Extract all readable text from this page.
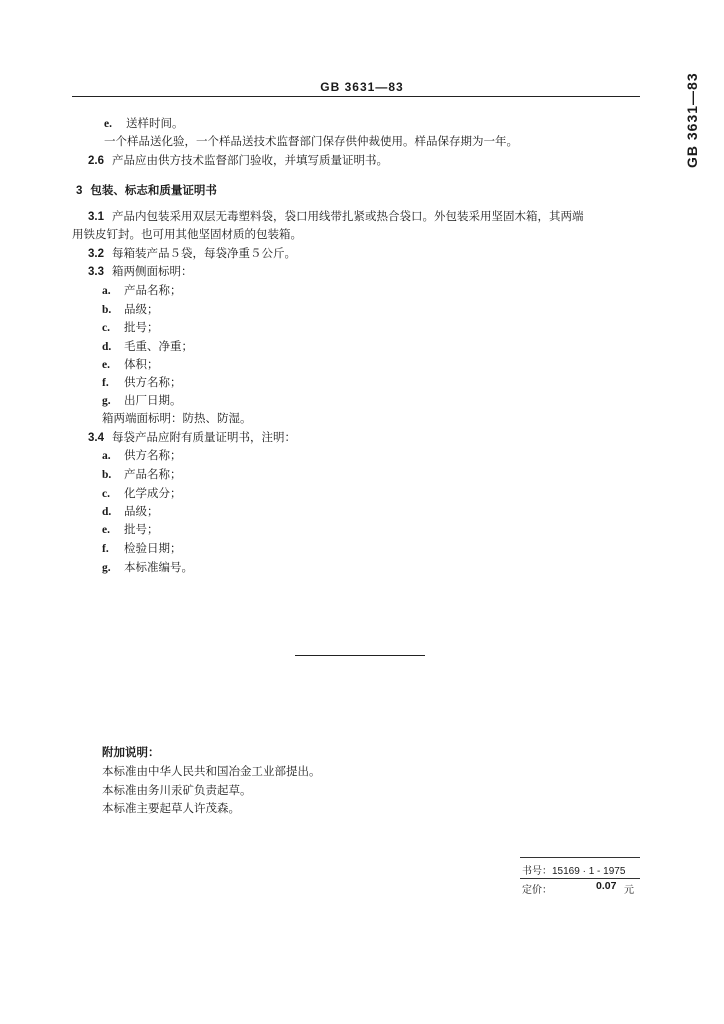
GB 3631—83	GB 3631—83
e. 送样时间。
一个样品送化验，一个样品送技术监督部门保存供仲裁使用。样品保存期为一年。
2.6 产品应由供方技术监督部门验收，并填写质量证明书。
3 包装、标志和质量证明书
3.1 产品内包装采用双层无毒塑料袋，袋口用线带扎紧或热合袋口。外包装采用坚固木箱，其两端
用铁皮钉封。也可用其他坚固材质的包装箱。
3.2 每箱装产品５袋，每袋净重５公斤。
3.3 箱两侧面标明：
a. 产品名称；
b. 品级；
c. 批号；
d. 毛重、净重；
e. 体积；
f. 供方名称；
g. 出厂日期。
箱两端面标明：防热、防湿。
3.4 每袋产品应附有质量证明书，注明：
a. 供方名称；
b. 产品名称；
c. 化学成分；
d. 品级；
e. 批号；
f. 检验日期；
g. 本标准编号。
附加说明：
本标准由中华人民共和国冶金工业部提出。
本标准由务川汞矿负责起草。
本标准主要起草人许茂森。
书号：15169 · 1 - 1975
定价：	0.07 元
